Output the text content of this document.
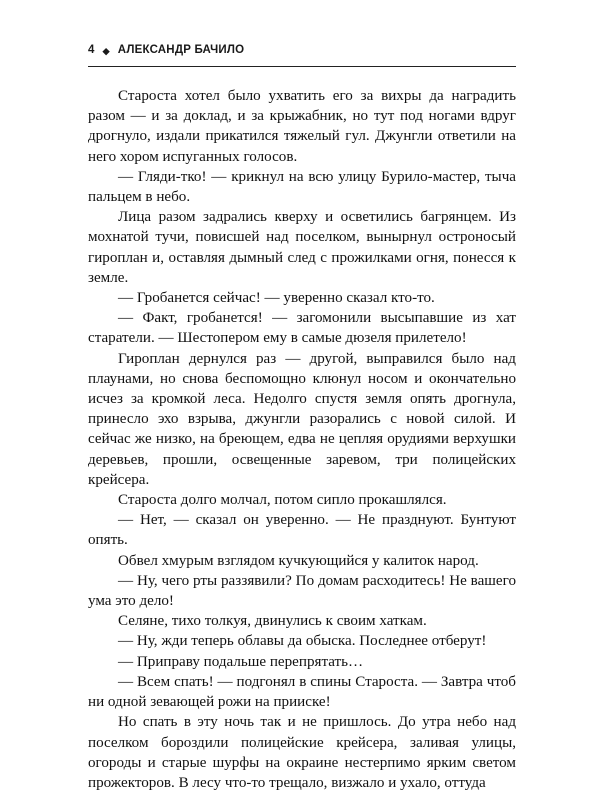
4 ◆ АЛЕКСАНДР БАЧИЛО

Староста хотел было ухватить его за вихры да наградить разом — и за доклад, и за крыжабник, но тут под ногами вдруг дрогнуло, издали прикатился тяжелый гул. Джунгли ответили на него хором испуганных голосов.

— Гляди-тко! — крикнул на всю улицу Бурило-мастер, тыча пальцем в небо.

Лица разом задрались кверху и осветились багрянцем. Из мохнатой тучи, повисшей над поселком, вынырнул остроносый гироплан и, оставляя дымный след с прожилками огня, понесся к земле.

— Гробанется сейчас! — уверенно сказал кто-то.

— Факт, гробанется! — загомонили высыпавшие из хат старатели. — Шестопером ему в самые дюзеля прилетело!

Гироплан дернулся раз — другой, выправился было над плаунами, но снова беспомощно клюнул носом и окончательно исчез за кромкой леса. Недолго спустя земля опять дрогнула, принесло эхо взрыва, джунгли разорались с новой силой. И сейчас же низко, на бреющем, едва не цепляя орудиями верхушки деревьев, прошли, освещенные заревом, три полицейских крейсера.

Староста долго молчал, потом сипло прокашлялся.

— Нет, — сказал он уверенно. — Не празднуют. Бунтуют опять.

Обвел хмурым взглядом кучкующийся у калиток народ.

— Ну, чего рты раззявили? По домам расходитесь! Не вашего ума это дело!

Селяне, тихо толкуя, двинулись к своим хаткам.

— Ну, жди теперь облавы да обыска. Последнее отберут!

— Приправу подальше перепрятать…

— Всем спать! — подгонял в спины Староста. — Завтра чтоб ни одной зевающей рожи на прииске!

Но спать в эту ночь так и не пришлось. До утра небо над поселком бороздили полицейские крейсера, заливая улицы, огороды и старые шурфы на окраине нестерпимо ярким светом прожекторов. В лесу что-то трещало, визжало и ухало, оттуда
